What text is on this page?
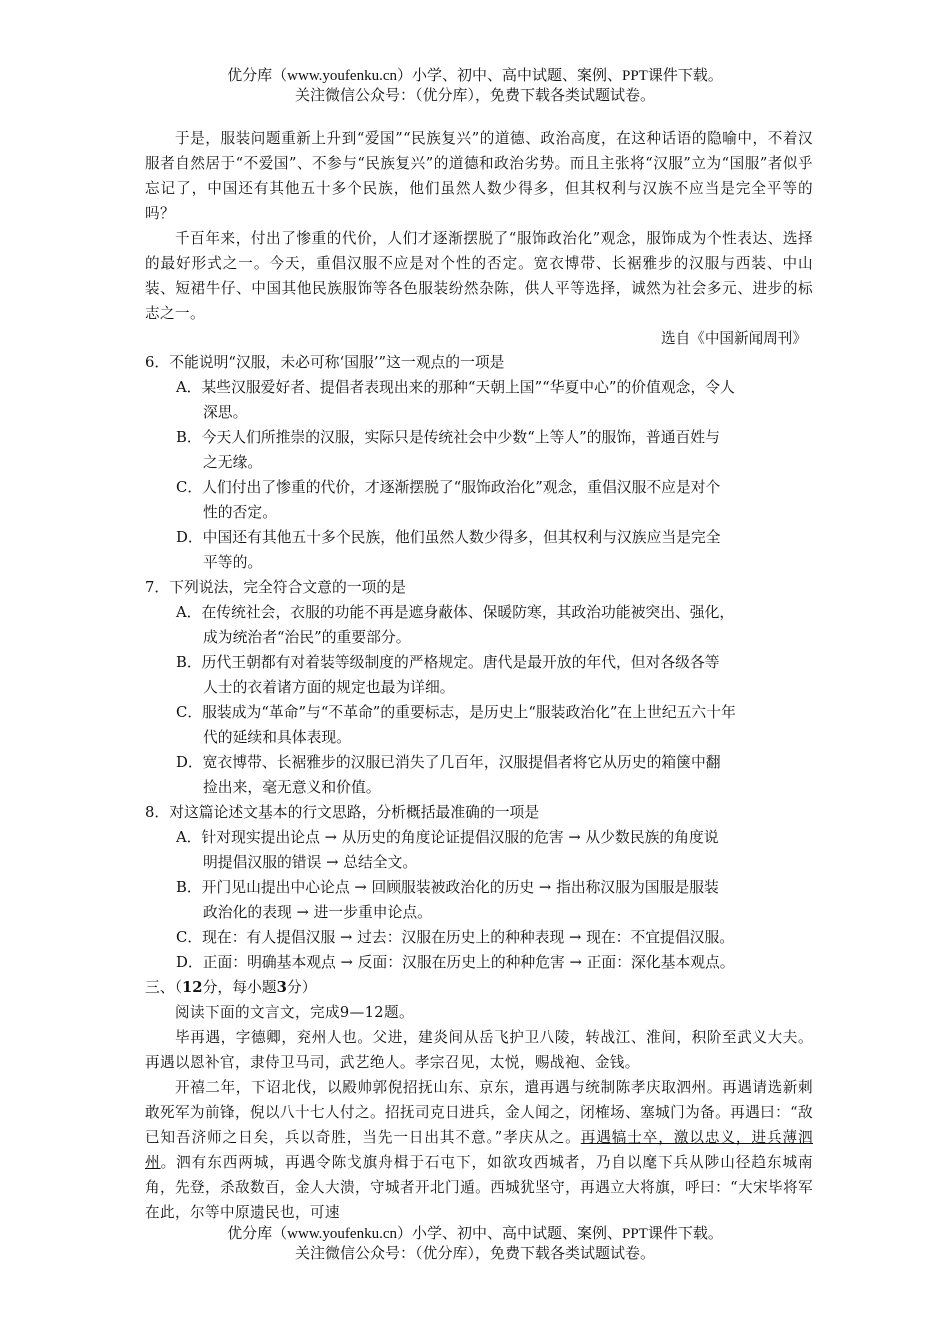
优分库（www.youfenku.cn）小学、初中、高中试题、案例、PPT课件下载。
关注微信公众号：（优分库），免费下载各类试题试卷。
于是，服装问题重新上升到“爱国”“民族复兴”的道德、政治高度，在这种话语的隐喻中，不着汉服者自然居于“不爱国”、不参与“民族复兴”的道德和政治劣势。而且主张将“汉服”立为“国服”者似乎忘记了，中国还有其他五十多个民族，他们虽然人数少得多，但其权利与汉族不应当是完全平等的吗？
千百年来，付出了惨重的代价，人们才逐渐摆脱了“服饰政治化”观念，服饰成为个性表达、选择的最好形式之一。今天，重倡汉服不应是对个性的否定。宽衣博带、长裾雅步的汉服与西装、中山装、短裙牛仔、中国其他民族服饰等各色服装纷然杂陈，供人平等选择，诚然为社会多元、进步的标志之一。
选自《中国新闻周刊》
6．不能说明“汉服，未必可称‘国服’”这一观点的一项是
A．某些汉服爱好者、提倡者表现出来的那种“天朝上国”“华夏中心”的价值观念，令人
深思。
B．今天人们所推崇的汉服，实际只是传统社会中少数“上等人”的服饰，普通百姓与
之无缘。
C．人们付出了惨重的代价，才逐渐摆脱了“服饰政治化”观念，重倡汉服不应是对个
性的否定。
D．中国还有其他五十多个民族，他们虽然人数少得多，但其权利与汉族应当是完全
平等的。
7．下列说法，完全符合文意的一项的是
A．在传统社会，衣服的功能不再是遮身蔽体、保暖防寒，其政治功能被突出、强化，
成为统治者“治民”的重要部分。
B．历代王朝都有对着装等级制度的严格规定。唐代是最开放的年代，但对各级各等
人士的衣着诸方面的规定也最为详细。
C．服装成为“革命”与“不革命”的重要标志，是历史上“服装政治化”在上世纪五六十年
代的延续和具体表现。
D．宽衣博带、长裾雅步的汉服已消失了几百年，汉服提倡者将它从历史的箱箧中翻
捡出来，毫无意义和价值。
8．对这篇论述文基本的行文思路，分析概括最准确的一项是
A．针对现实提出论点 → 从历史的角度论证提倡汉服的危害 → 从少数民族的角度说
明提倡汉服的错误 → 总结全文。
B．开门见山提出中心论点 → 回顾服装被政治化的历史 → 指出称汉服为国服是服装
政治化的表现 → 进一步重申论点。
C．现在：有人提倡汉服 → 过去：汉服在历史上的种种表现 → 现在：不宜提倡汉服。
D．正面：明确基本观点 → 反面：汉服在历史上的种种危害 → 正面：深化基本观点。
三、（12分，每小题3分）
阅读下面的文言文，完成9—12题。
毕再遇，字德卿，兖州人也。父进，建炎间从岳飞护卫八陵，转战江、淮间，积阶至武义大夫。再遇以恩补官，隶侍卫马司，武艺绝人。孝宗召见，太悦，赐战袍、金钱。
开禧二年，下诏北伐，以殿帅郭倪招抚山东、京东，遣再遇与统制陈孝庆取泗州。再遇请选新刺敢死军为前锋，倪以八十七人付之。招抚司克日进兵，金人闻之，闭榷场、塞城门为备。再遇曰：“敌已知吾济师之日矣，兵以奇胜，当先一日出其不意。”孝庆从之。再遇犒士卒，激以忠义，进兵薄泗州。泗有东西两城，再遇令陈戈旗舟楫于石屯下，如欲攻西城者，乃自以麾下兵从陟山径趋东城南角，先登，杀敌数百，金人大溃，守城者开北门遁。西城犹坚守，再遇立大将旗，呼曰：“大宋毕将军在此，尔等中原遗民也，可速
优分库（www.youfenku.cn）小学、初中、高中试题、案例、PPT课件下载。
关注微信公众号：（优分库），免费下载各类试题试卷。
